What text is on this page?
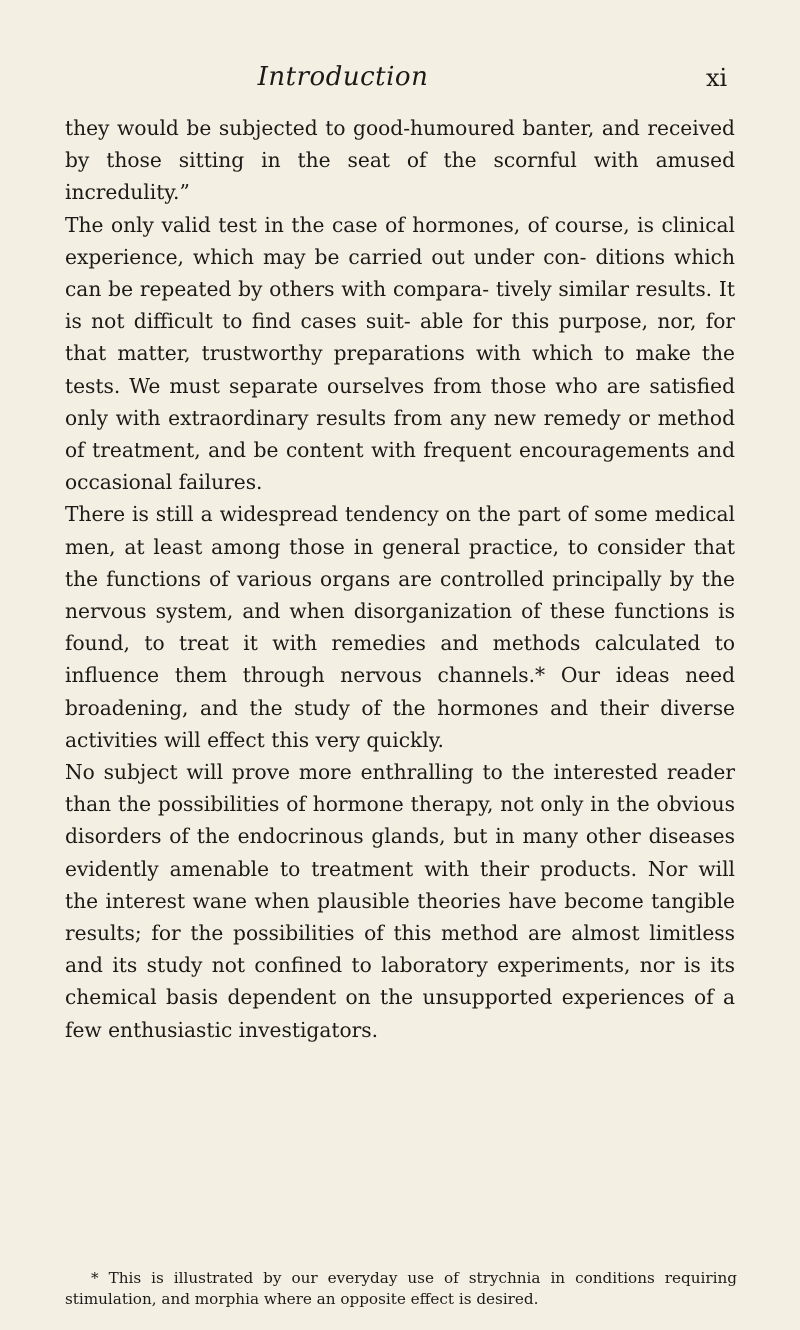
Introduction	xi

they would be subjected to good-humoured banter, and received by those sitting in the seat of the scornful with amused incredulity.”

The only valid test in the case of hormones, of course, is clinical experience, which may be carried out under con- ditions which can be repeated by others with compara- tively similar results. It is not difficult to find cases suit- able for this purpose, nor, for that matter, trustworthy preparations with which to make the tests. We must separate ourselves from those who are satisfied only with extraordinary results from any new remedy or method of treatment, and be content with frequent encouragements and occasional failures.

There is still a widespread tendency on the part of some medical men, at least among those in general practice, to consider that the functions of various organs are controlled principally by the nervous system, and when disorganization of these functions is found, to treat it with remedies and methods calculated to influence them through nervous channels.* Our ideas need broadening, and the study of the hormones and their diverse activities will effect this very quickly.

No subject will prove more enthralling to the interested reader than the possibilities of hormone therapy, not only in the obvious disorders of the endocrinous glands, but in many other diseases evidently amenable to treatment with their products. Nor will the interest wane when plausible theories have become tangible results; for the possibilities of this method are almost limitless and its study not confined to laboratory experiments, nor is its chemical basis dependent on the unsupported experiences of a few enthusiastic investigators.

* This is illustrated by our everyday use of strychnia in conditions requiring stimulation, and morphia where an opposite effect is desired.
